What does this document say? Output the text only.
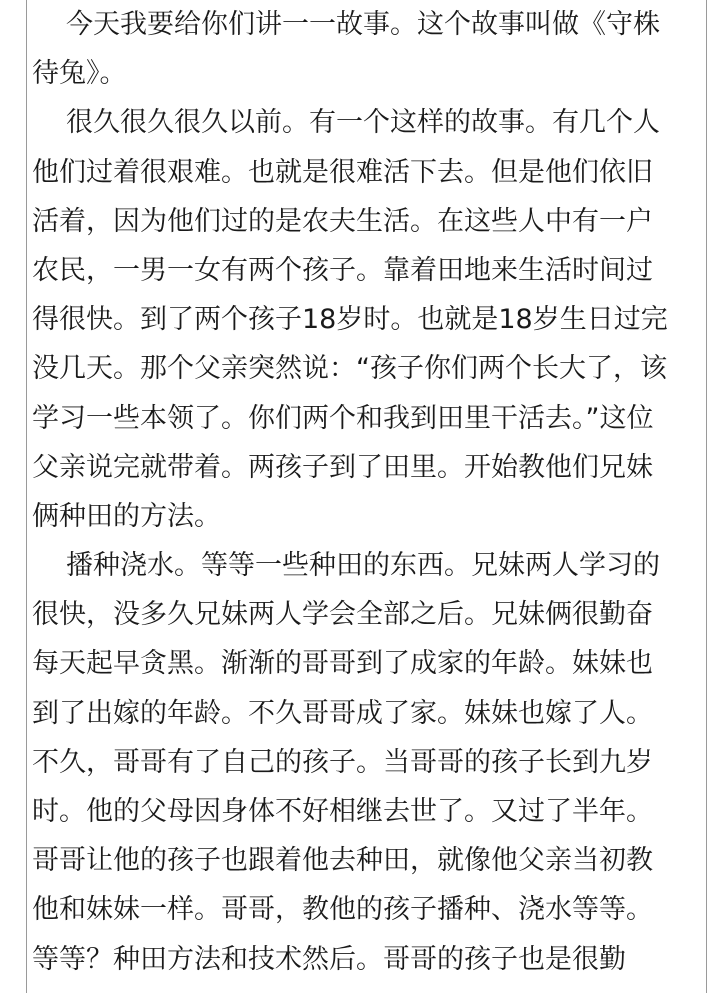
今天我要给你们讲一一故事。这个故事叫做《守株
待兔》。
很久很久很久以前。有一个这样的故事。有几个人
他们过着很艰难。也就是很难活下去。但是他们依旧
活着，因为他们过的是农夫生活。在这些人中有一户
农民，一男一女有两个孩子。靠着田地来生活时间过
得很快。到了两个孩子18岁时。也就是18岁生日过完
没几天。那个父亲突然说：“孩子你们两个长大了，该
学习一些本领了。你们两个和我到田里干活去。”这位
父亲说完就带着。两孩子到了田里。开始教他们兄妹
俩种田的方法。
播种浇水。等等一些种田的东西。兄妹两人学习的
很快，没多久兄妹两人学会全部之后。兄妹俩很勤奋
每天起早贪黑。渐渐的哥哥到了成家的年龄。妹妹也
到了出嫁的年龄。不久哥哥成了家。妹妹也嫁了人。
不久，哥哥有了自己的孩子。当哥哥的孩子长到九岁
时。他的父母因身体不好相继去世了。又过了半年。
哥哥让他的孩子也跟着他去种田，就像他父亲当初教
他和妹妹一样。哥哥，教他的孩子播种、浇水等等。
等等？种田方法和技术然后。哥哥的孩子也是很勤
